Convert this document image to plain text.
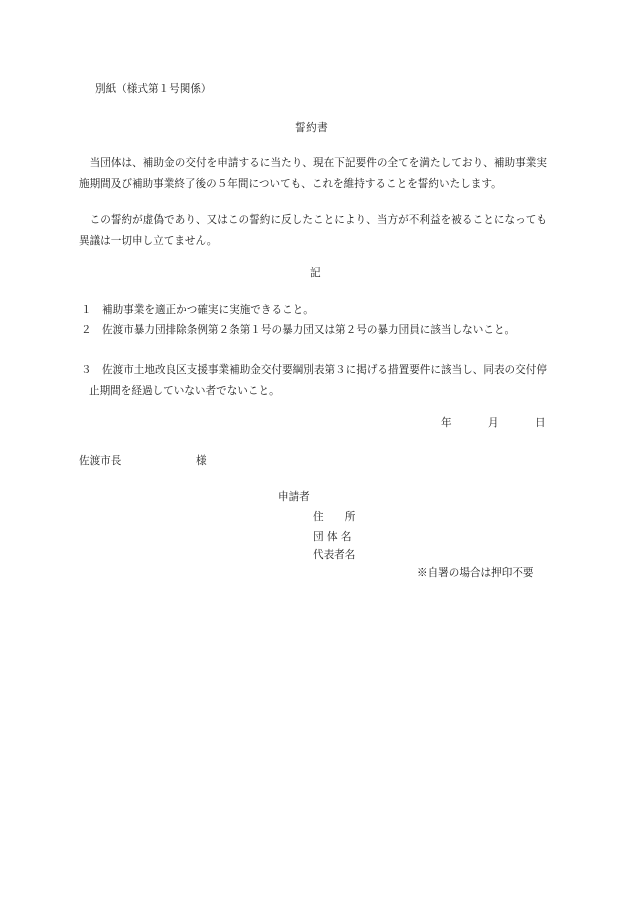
別紙（様式第１号関係）
誓約書
当団体は、補助金の交付を申請するに当たり、現在下記要件の全てを満たしており、補助事業実施期間及び補助事業終了後の５年間についても、これを維持することを誓約いたします。
この誓約が虚偽であり、又はこの誓約に反したことにより、当方が不利益を被ることになっても異議は一切申し立てません。
記
１ 補助事業を適正かつ確実に実施できること。
２ 佐渡市暴力団排除条例第２条第１号の暴力団又は第２号の暴力団員に該当しないこと。
３ 佐渡市土地改良区支援事業補助金交付要綱別表第３に掲げる措置要件に該当し、同表の交付停止期間を経過していない者でないこと。
年	月	日
佐渡市長	様
申請者
住　　所
団 体 名
代表者名
※自署の場合は押印不要
